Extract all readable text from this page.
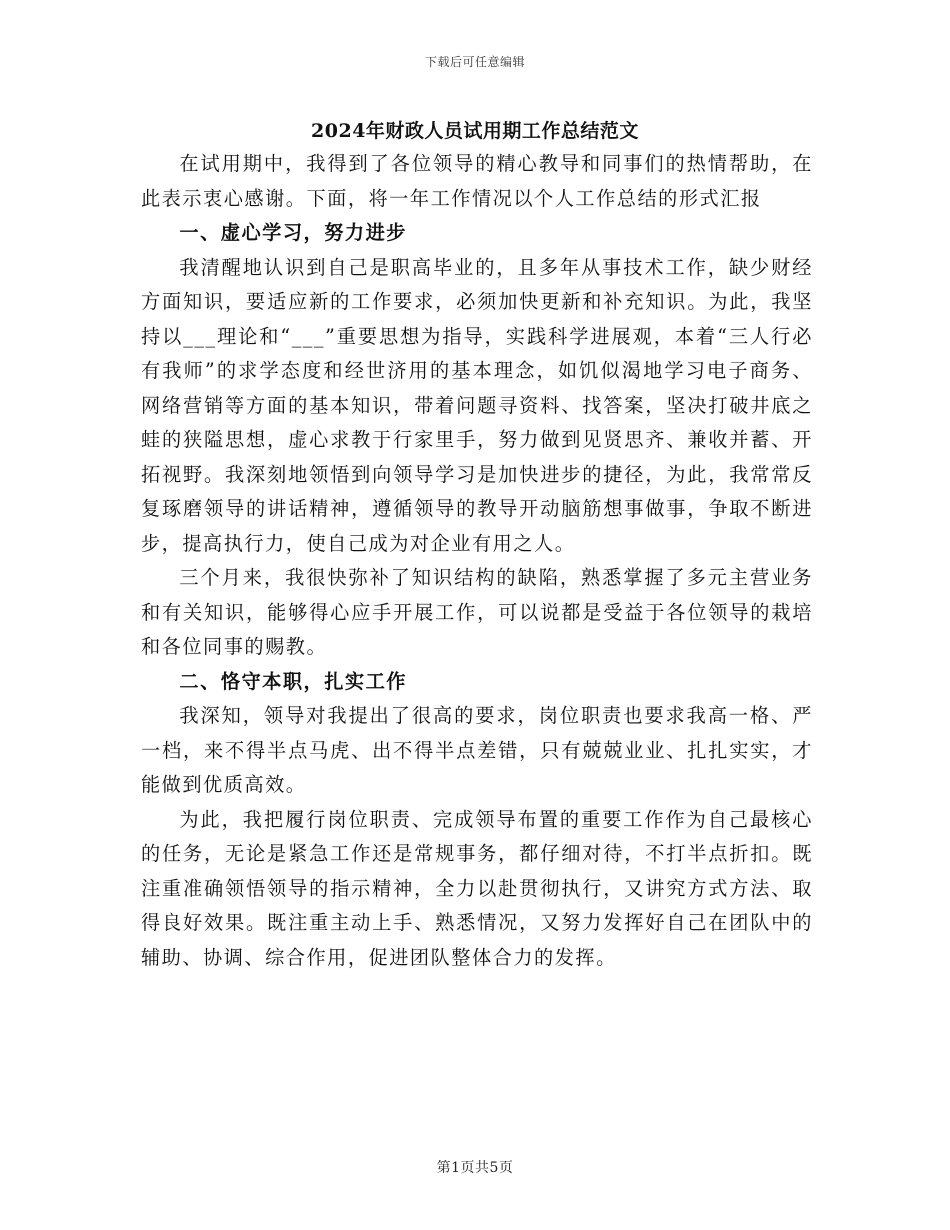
下载后可任意编辑
2024年财政人员试用期工作总结范文

在试用期中，我得到了各位领导的精心教导和同事们的热情帮助，在此表示衷心感谢。下面，将一年工作情况以个人工作总结的形式汇报

一、虚心学习，努力进步

我清醒地认识到自己是职高毕业的，且多年从事技术工作，缺少财经方面知识，要适应新的工作要求，必须加快更新和补充知识。为此，我坚持以___理论和“___”重要思想为指导，实践科学进展观，本着“三人行必有我师”的求学态度和经世济用的基本理念，如饥似渴地学习电子商务、网络营销等方面的基本知识，带着问题寻资料、找答案，坚决打破井底之蛙的狭隘思想，虚心求教于行家里手，努力做到见贤思齐、兼收并蓄、开拓视野。我深刻地领悟到向领导学习是加快进步的捷径，为此，我常常反复琢磨领导的讲话精神，遵循领导的教导开动脑筋想事做事，争取不断进步，提高执行力，使自己成为对企业有用之人。

三个月来，我很快弥补了知识结构的缺陷，熟悉掌握了多元主营业务和有关知识，能够得心应手开展工作，可以说都是受益于各位领导的栽培和各位同事的赐教。

二、恪守本职，扎实工作

我深知，领导对我提出了很高的要求，岗位职责也要求我高一格、严一档，来不得半点马虎、出不得半点差错，只有兢兢业业、扎扎实实，才能做到优质高效。

为此，我把履行岗位职责、完成领导布置的重要工作作为自己最核心的任务，无论是紧急工作还是常规事务，都仔细对待，不打半点折扣。既注重准确领悟领导的指示精神，全力以赴贯彻执行，又讲究方式方法、取得良好效果。既注重主动上手、熟悉情况，又努力发挥好自己在团队中的辅助、协调、综合作用，促进团队整体合力的发挥。

第1页共5页
